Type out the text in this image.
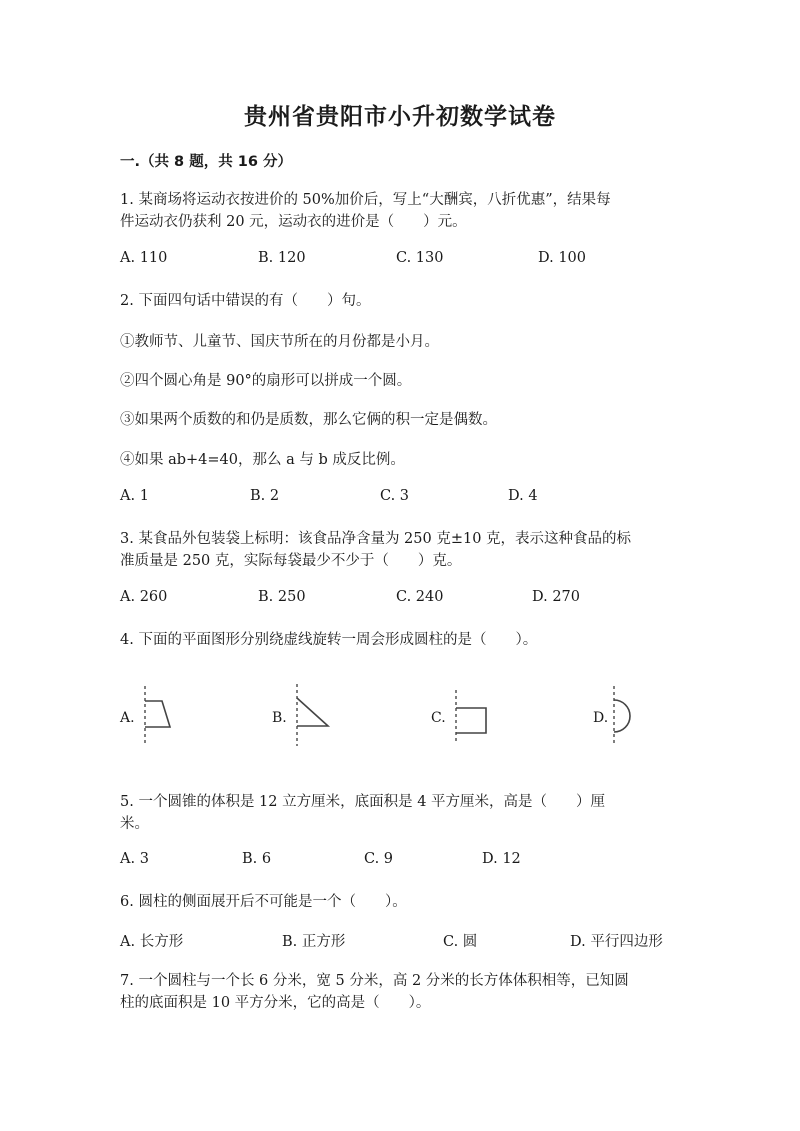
贵州省贵阳市小升初数学试卷
一.（共 8 题，共 16 分）
1. 某商场将运动衣按进价的 50%加价后，写上“大酬宾，八折优惠”，结果每
件运动衣仍获利 20 元，运动衣的进价是（　　）元。
A. 110	B. 120	C. 130	D. 100
2. 下面四句话中错误的有（　　）句。
①教师节、儿童节、国庆节所在的月份都是小月。
②四个圆心角是 90°的扇形可以拼成一个圆。
③如果两个质数的和仍是质数，那么它俩的积一定是偶数。
④如果 ab+4=40，那么 a 与 b 成反比例。
A. 1	B. 2	C. 3	D. 4
3. 某食品外包装袋上标明：该食品净含量为 250 克±10 克，表示这种食品的标
准质量是 250 克，实际每袋最少不少于（　　）克。
A. 260	B. 250	C. 240	D. 270
4. 下面的平面图形分别绕虚线旋转一周会形成圆柱的是（　　）。
A.	B.	C.	D.
5. 一个圆锥的体积是 12 立方厘米，底面积是 4 平方厘米，高是（　　）厘
米。
A. 3	B. 6	C. 9	D. 12
6. 圆柱的侧面展开后不可能是一个（　　）。
A. 长方形	B. 正方形	C. 圆	D. 平行四边形
7. 一个圆柱与一个长 6 分米，宽 5 分米，高 2 分米的长方体体积相等，已知圆
柱的底面积是 10 平方分米，它的高是（　　）。
